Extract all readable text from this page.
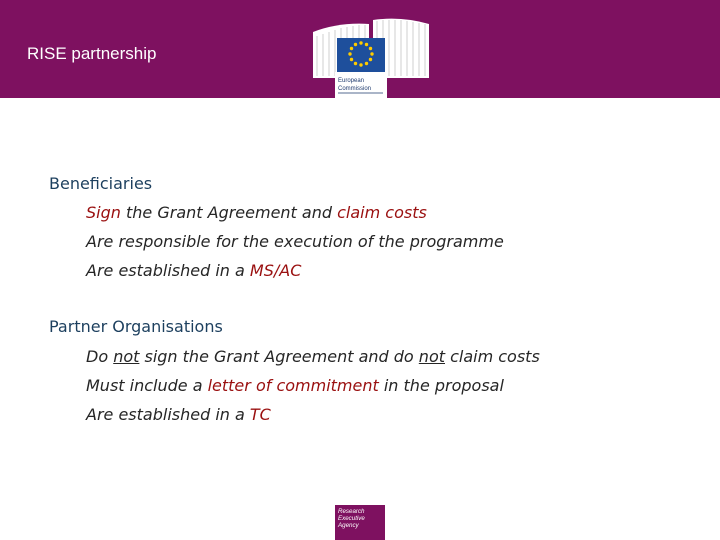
RISE partnership
European
Commission
Beneficiaries
Sign the Grant Agreement and claim costs
Are responsible for the execution of the programme
Are established in a MS/AC
Partner Organisations
Do not sign the Grant Agreement and do not claim costs
Must include a letter of commitment in the proposal
Are established in a TC
Research
Executive
Agency
